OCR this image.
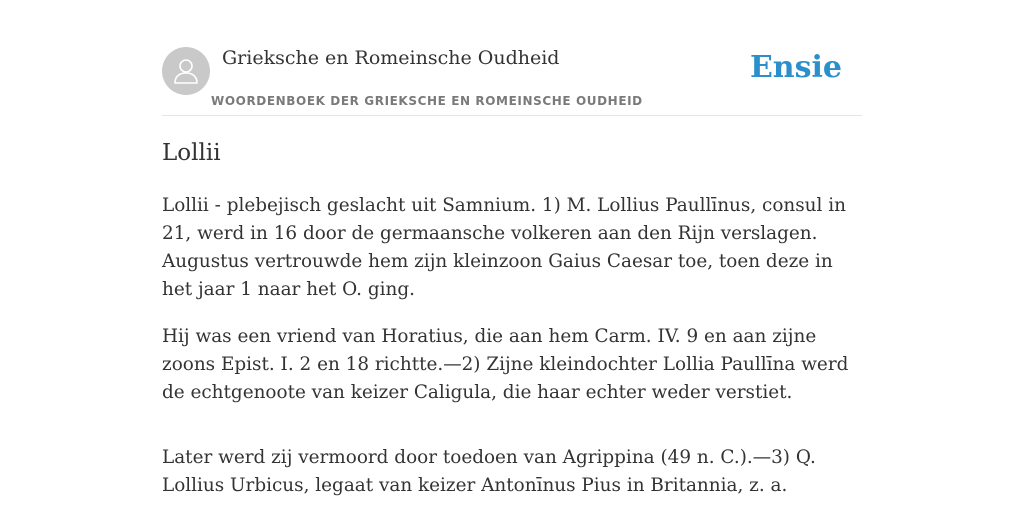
Grieksche en Romeinsche Oudheid
WOORDENBOEK DER GRIEKSCHE EN ROMEINSCHE OUDHEID
Ensie
Lollii

Lollii - plebejisch geslacht uit Samnium. 1) M. Lollius Paullīnus, consul in 21, werd in 16 door de germaansche volkeren aan den Rijn verslagen. Augustus vertrouwde hem zijn kleinzoon Gaius Caesar toe, toen deze in het jaar 1 naar het O. ging.

Hij was een vriend van Horatius, die aan hem Carm. IV. 9 en aan zijne zoons Epist. I. 2 en 18 richtte.—2) Zijne kleindochter Lollia Paullīna werd de echtgenoote van keizer Caligula, die haar echter weder verstiet.

Later werd zij vermoord door toedoen van Agrippina (49 n. C.).—3) Q. Lollius Urbicus, legaat van keizer Antonīnus Pius in Britannia, z. a.
